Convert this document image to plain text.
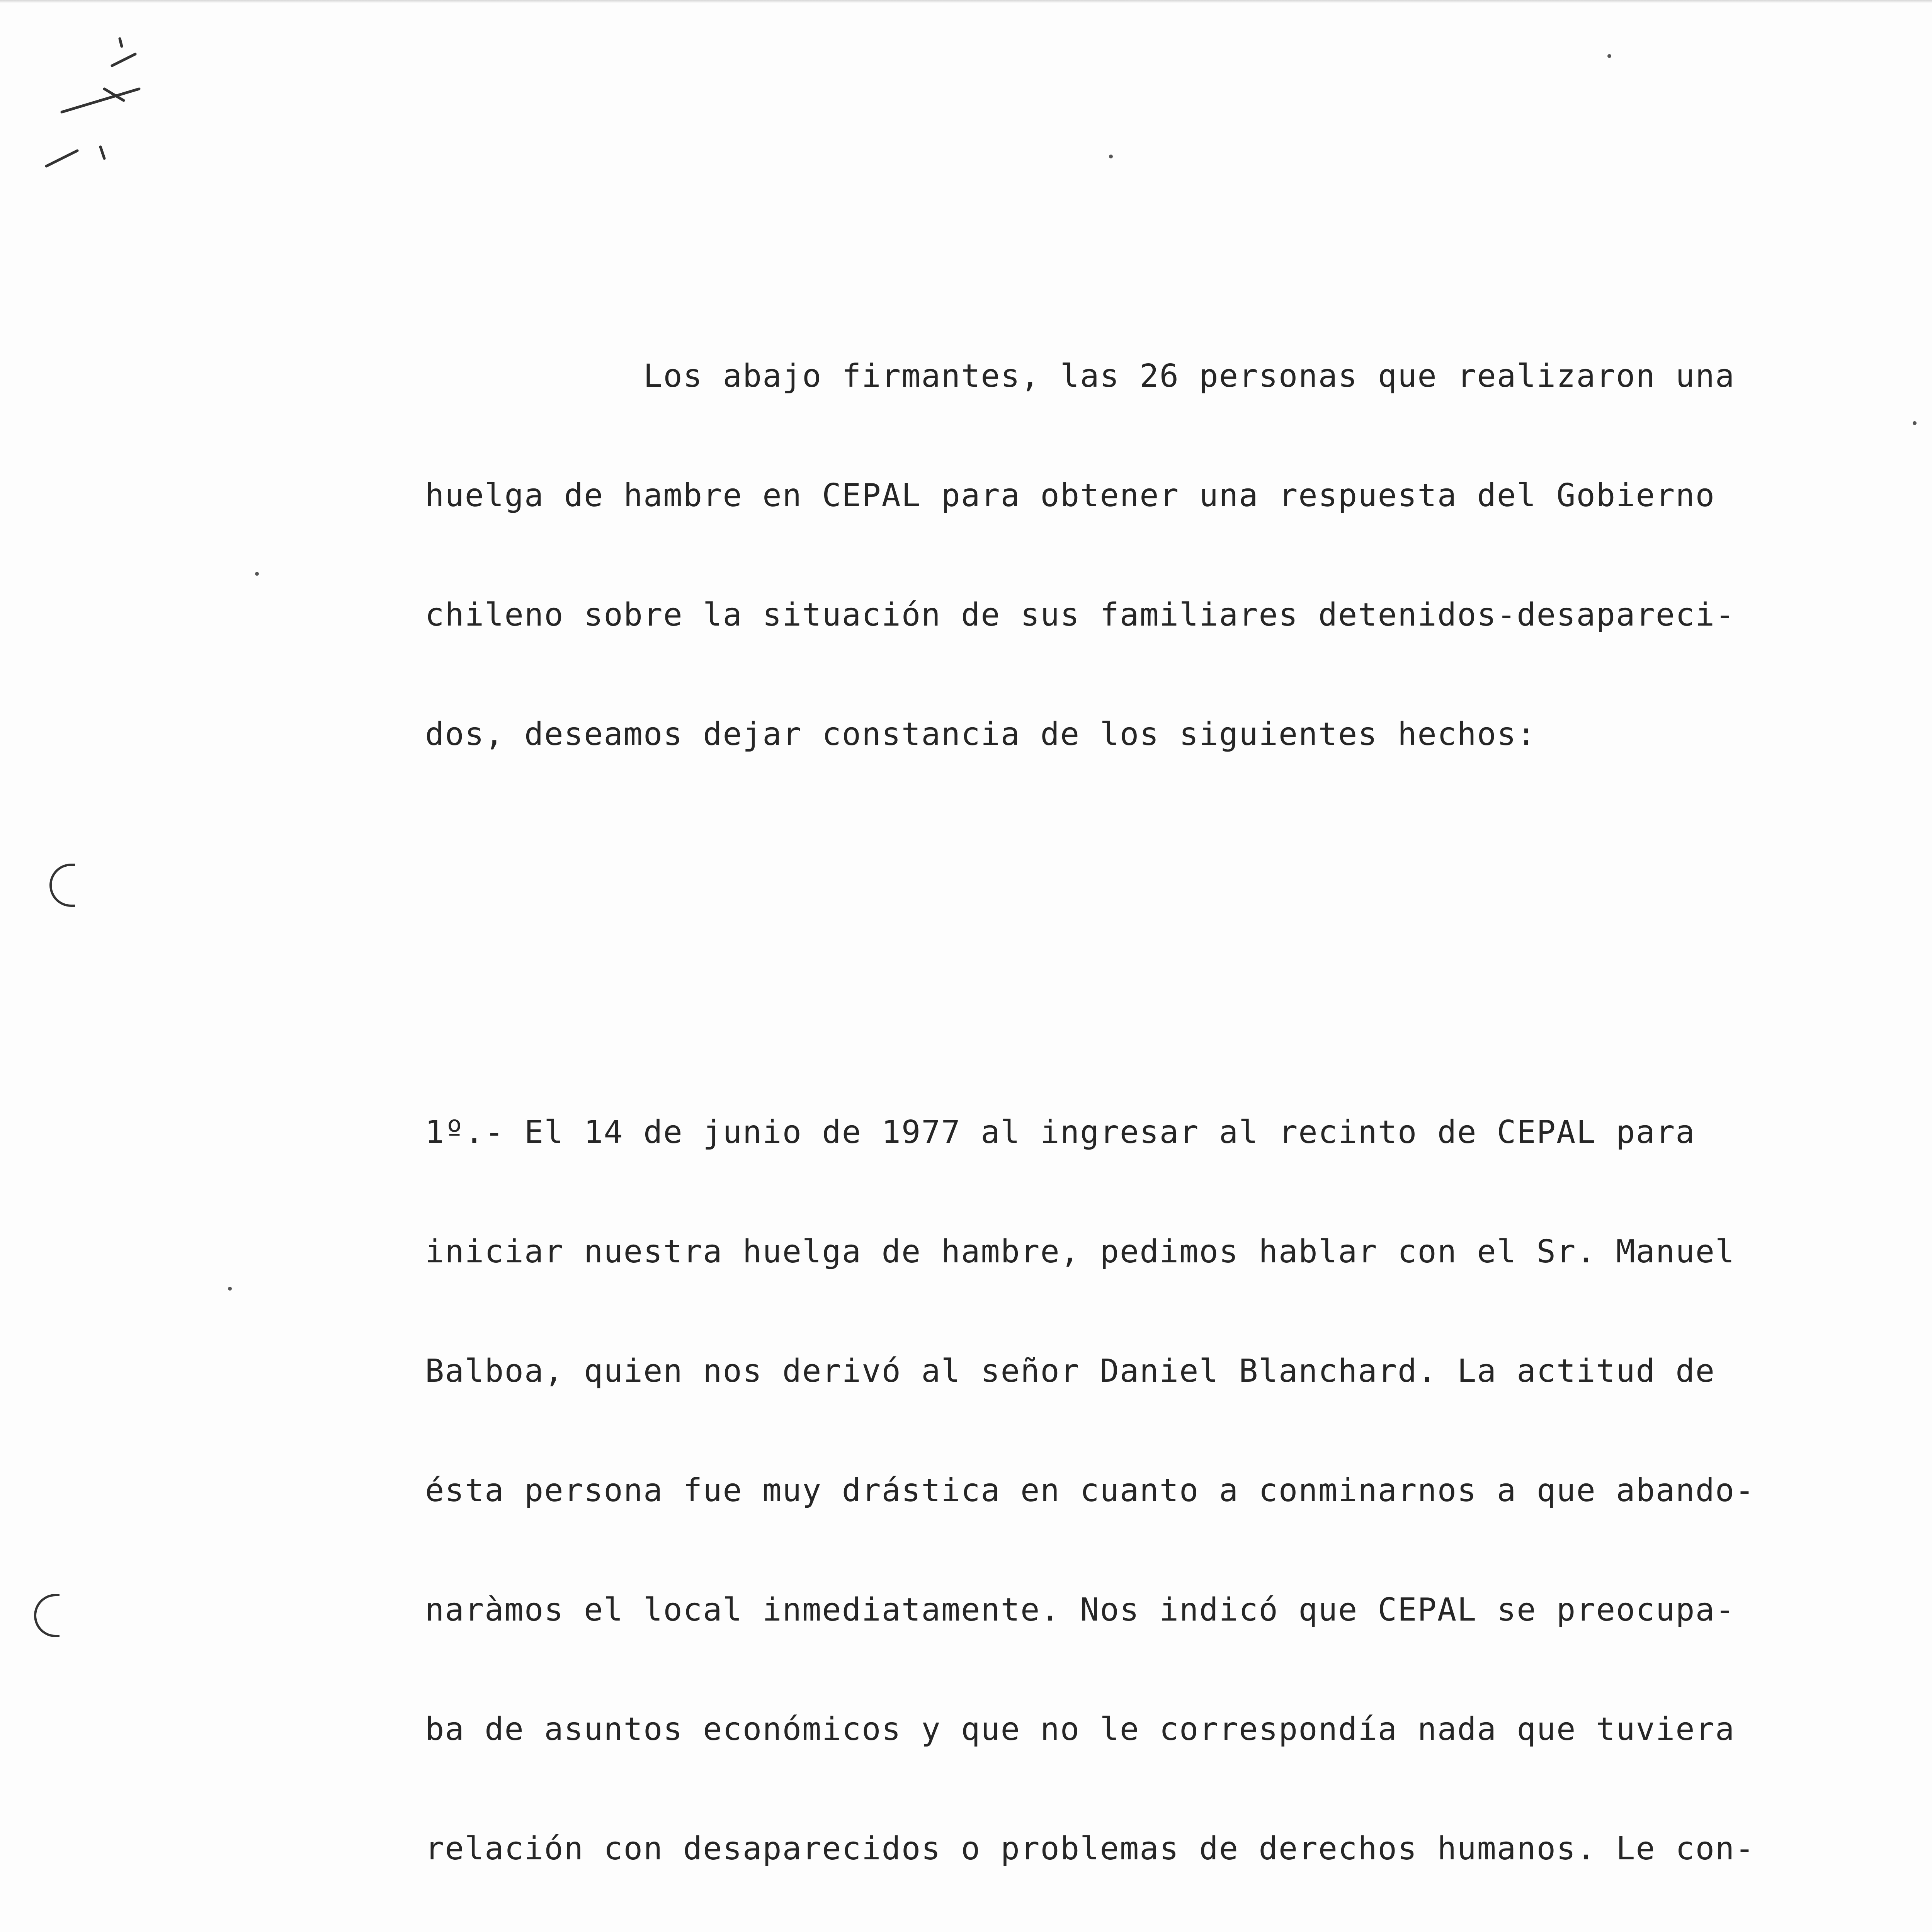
Los abajo firmantes, las 26 personas que realizaron una

huelga de hambre en CEPAL para obtener una respuesta del Gobierno

chileno sobre la situación de sus familiares detenidos-desapareci-

dos, deseamos dejar constancia de los siguientes hechos:

1º.- El 14 de junio de 1977 al ingresar al recinto de CEPAL para

iniciar nuestra huelga de hambre, pedimos hablar con el Sr. Manuel

Balboa, quien nos derivó al señor Daniel Blanchard. La actitud de

ésta persona fue muy drástica en cuanto a conminarnos a que abando-

naràmos el local inmediatamente. Nos indicó que CEPAL se preocupa-

ba de asuntos económicos y que no le correspondía nada que tuviera

relación con desaparecidos o problemas de derechos humanos. Le con-
